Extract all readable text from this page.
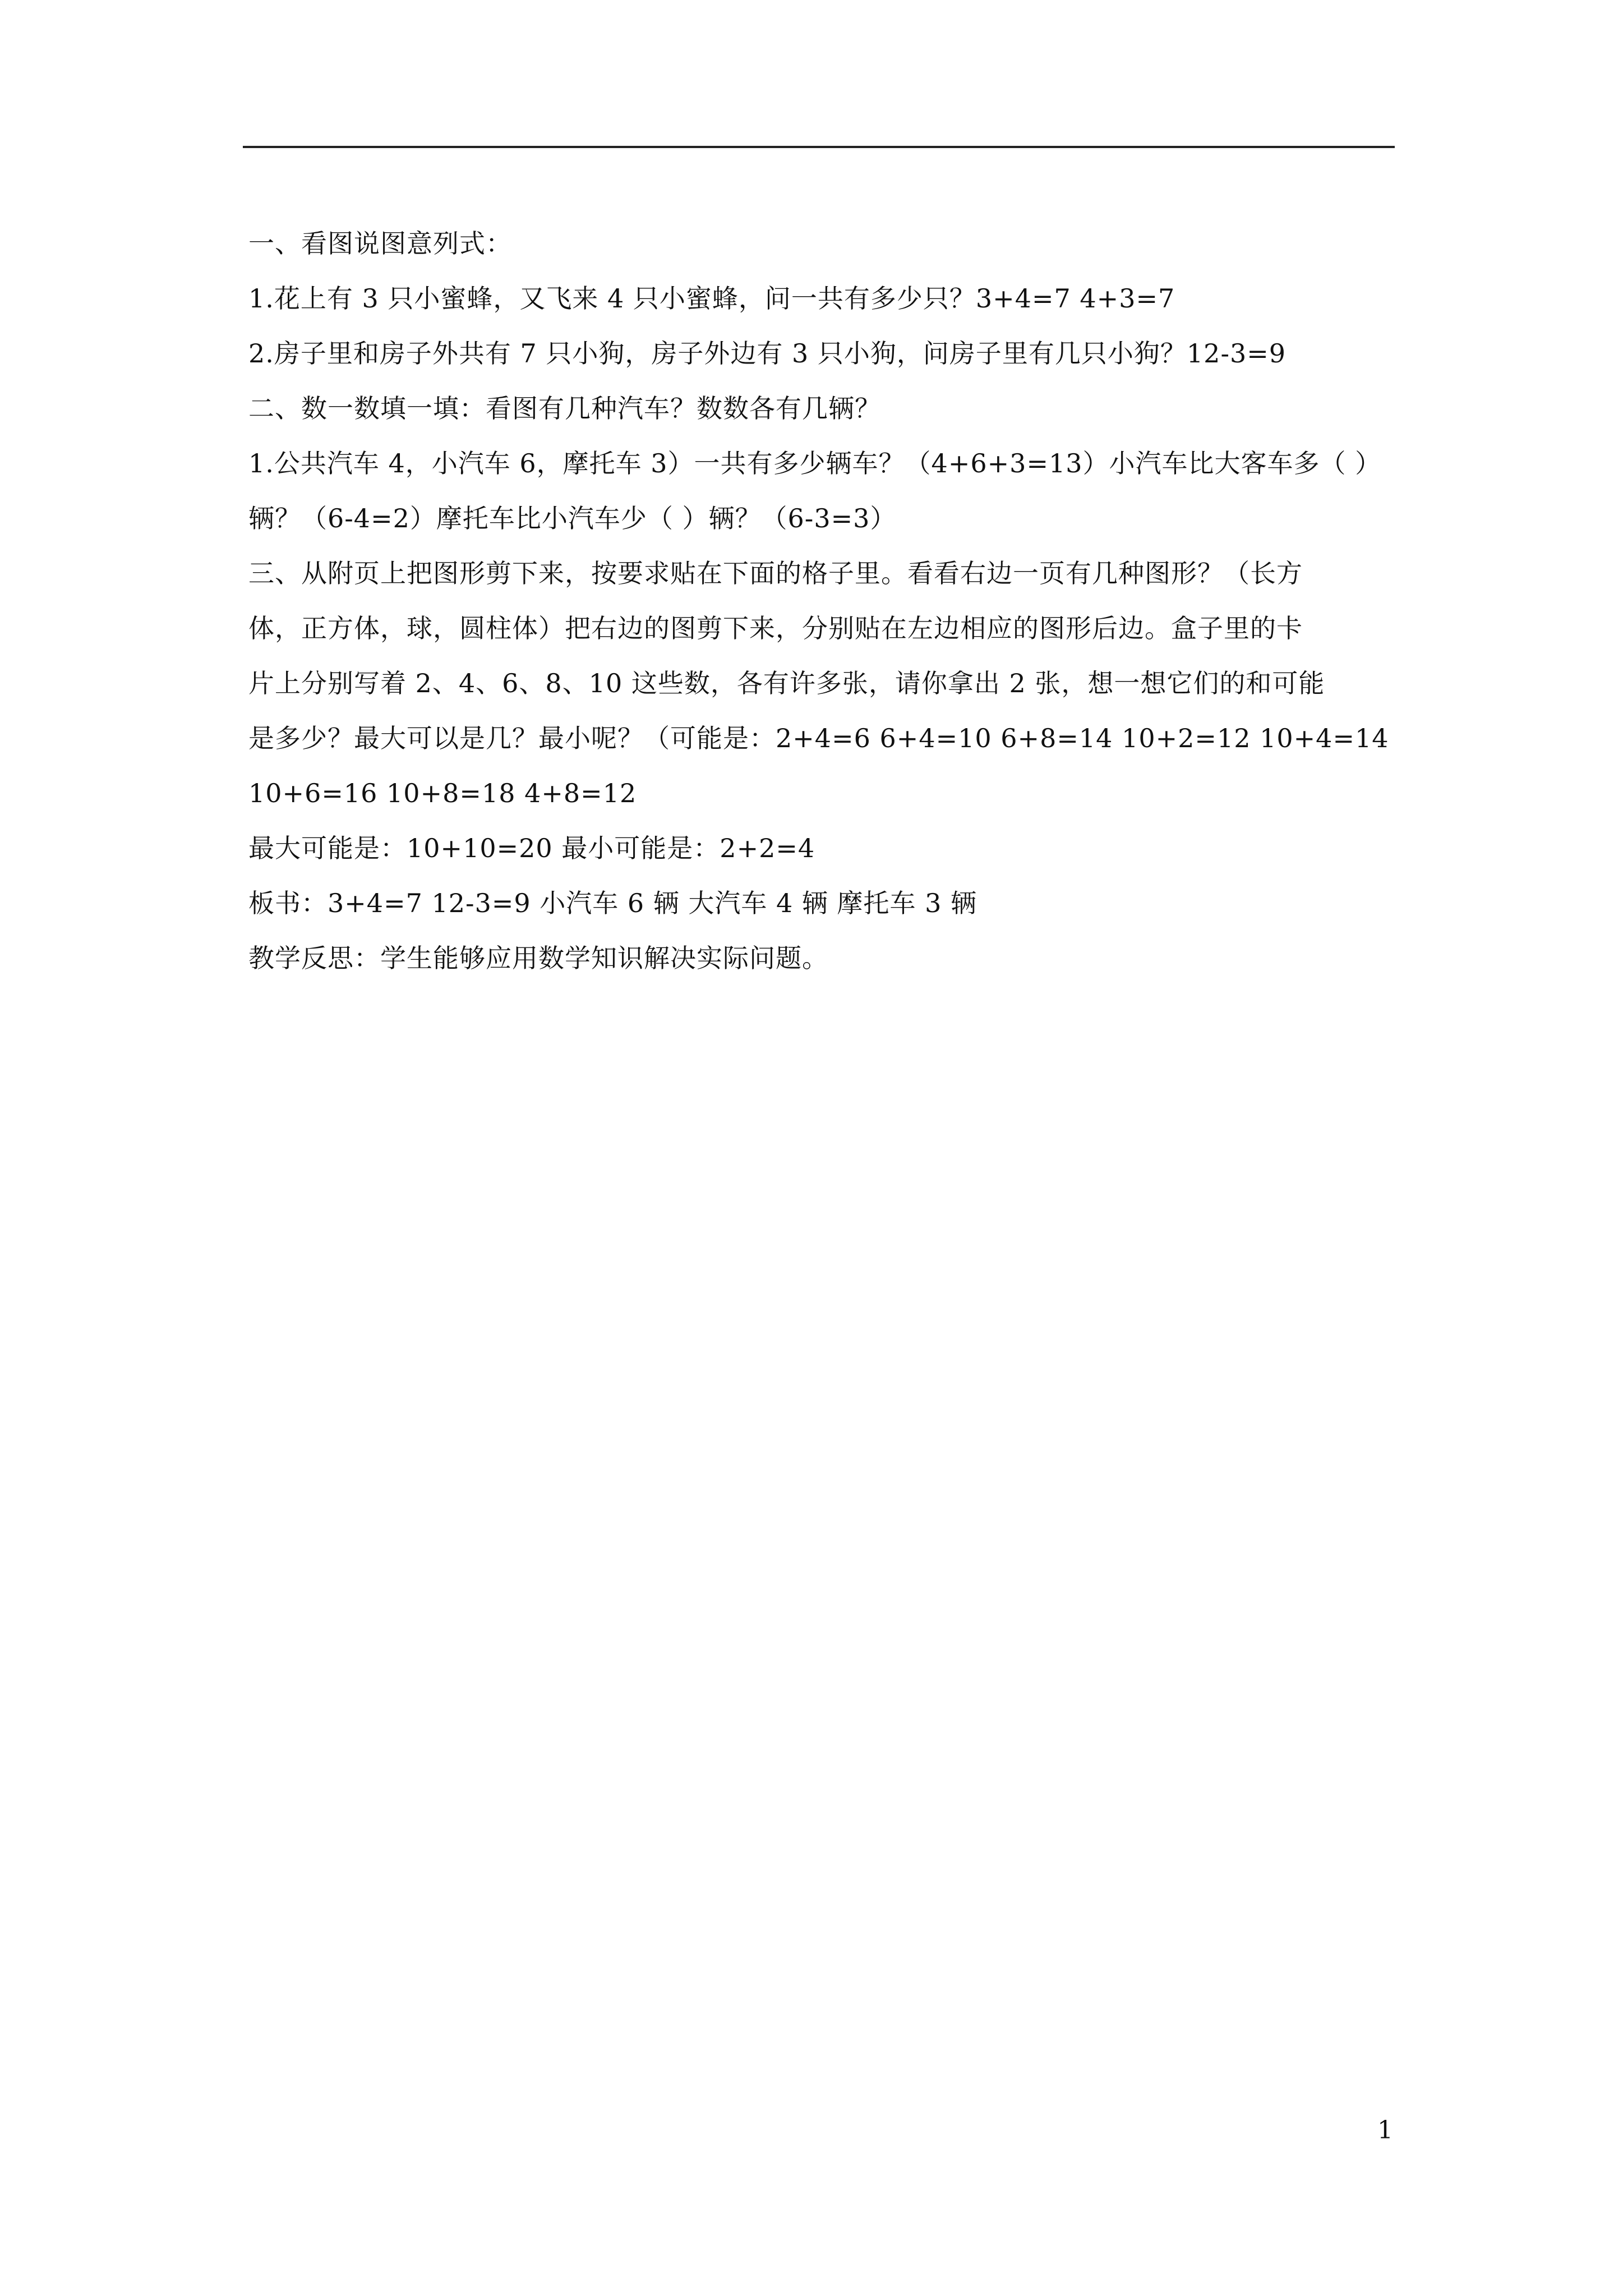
一、看图说图意列式：

1.花上有 3 只小蜜蜂，又飞来 4 只小蜜蜂，问一共有多少只？3+4=7 4+3=7

2.房子里和房子外共有 7 只小狗，房子外边有 3 只小狗，问房子里有几只小狗？12-3=9

二、数一数填一填：看图有几种汽车？数数各有几辆？

1.公共汽车 4，小汽车 6，摩托车 3）一共有多少辆车？（4+6+3=13）小汽车比大客车多（ ）

辆？（6-4=2）摩托车比小汽车少（ ）辆？（6-3=3）

三、从附页上把图形剪下来，按要求贴在下面的格子里。看看右边一页有几种图形？（长方

体，正方体，球，圆柱体）把右边的图剪下来，分别贴在左边相应的图形后边。盒子里的卡

片上分别写着 2、4、6、8、10 这些数，各有许多张，请你拿出 2 张，想一想它们的和可能

是多少？最大可以是几？最小呢？（可能是：2+4=6 6+4=10 6+8=14 10+2=12 10+4=14

10+6=16 10+8=18 4+8=12

最大可能是：10+10=20 最小可能是：2+2=4

板书：3+4=7 12-3=9 小汽车 6 辆 大汽车 4 辆 摩托车 3 辆

教学反思：学生能够应用数学知识解决实际问题。

1
